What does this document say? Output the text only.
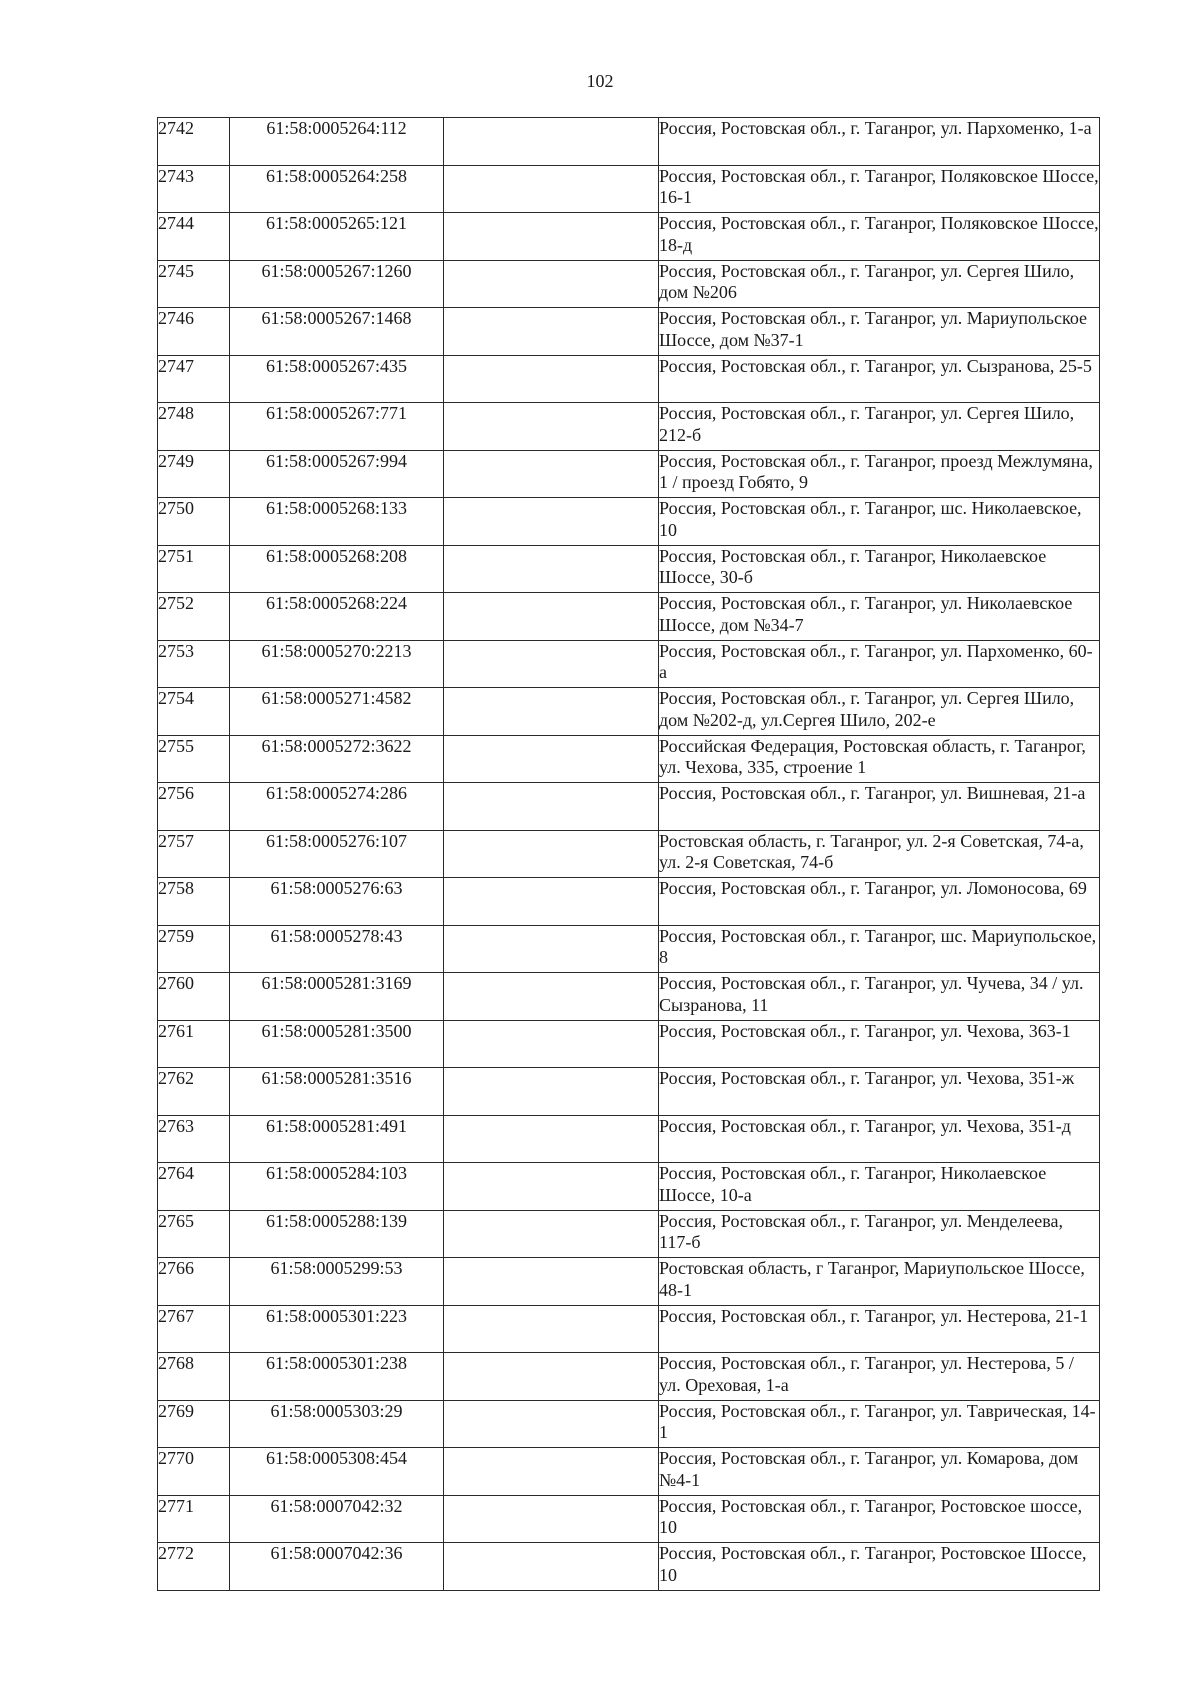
102
2742	61:58:0005264:112		Россия, Ростовская обл., г. Таганрог, ул. Пархоменко, 1-а
2743	61:58:0005264:258		Россия, Ростовская обл., г. Таганрог, Поляковское Шоссе, 16-1
2744	61:58:0005265:121		Россия, Ростовская обл., г. Таганрог, Поляковское Шоссе, 18-д
2745	61:58:0005267:1260		Россия, Ростовская обл., г. Таганрог, ул. Сергея Шило, дом №206
2746	61:58:0005267:1468		Россия, Ростовская обл., г. Таганрог, ул. Мариупольское Шоссе, дом №37-1
2747	61:58:0005267:435		Россия, Ростовская обл., г. Таганрог, ул. Сызранова, 25-5
2748	61:58:0005267:771		Россия, Ростовская обл., г. Таганрог, ул. Сергея Шило, 212-б
2749	61:58:0005267:994		Россия, Ростовская обл., г. Таганрог, проезд Межлумяна, 1 / проезд Гобято, 9
2750	61:58:0005268:133		Россия, Ростовская обл., г. Таганрог, шс. Николаевское, 10
2751	61:58:0005268:208		Россия, Ростовская обл., г. Таганрог, Николаевское Шоссе, 30-б
2752	61:58:0005268:224		Россия, Ростовская обл., г. Таганрог, ул. Николаевское Шоссе, дом №34-7
2753	61:58:0005270:2213		Россия, Ростовская обл., г. Таганрог, ул. Пархоменко, 60-а
2754	61:58:0005271:4582		Россия, Ростовская обл., г. Таганрог, ул. Сергея Шило, дом №202-д, ул.Сергея Шило, 202-е
2755	61:58:0005272:3622		Российская Федерация, Ростовская область, г. Таганрог, ул. Чехова, 335, строение 1
2756	61:58:0005274:286		Россия, Ростовская обл., г. Таганрог, ул. Вишневая, 21-а
2757	61:58:0005276:107		Ростовская область, г. Таганрог, ул. 2-я Советская, 74-а, ул. 2-я Советская, 74-б
2758	61:58:0005276:63		Россия, Ростовская обл., г. Таганрог, ул. Ломоносова, 69
2759	61:58:0005278:43		Россия, Ростовская обл., г. Таганрог, шс. Мариупольское, 8
2760	61:58:0005281:3169		Россия, Ростовская обл., г. Таганрог, ул. Чучева, 34 / ул. Сызранова, 11
2761	61:58:0005281:3500		Россия, Ростовская обл., г. Таганрог, ул. Чехова, 363-1
2762	61:58:0005281:3516		Россия, Ростовская обл., г. Таганрог, ул. Чехова, 351-ж
2763	61:58:0005281:491		Россия, Ростовская обл., г. Таганрог, ул. Чехова, 351-д
2764	61:58:0005284:103		Россия, Ростовская обл., г. Таганрог, Николаевское Шоссе, 10-а
2765	61:58:0005288:139		Россия, Ростовская обл., г. Таганрог, ул. Менделеева, 117-б
2766	61:58:0005299:53		Ростовская область, г Таганрог, Мариупольское Шоссе, 48-1
2767	61:58:0005301:223		Россия, Ростовская обл., г. Таганрог, ул. Нестерова, 21-1
2768	61:58:0005301:238		Россия, Ростовская обл., г. Таганрог, ул. Нестерова, 5 / ул. Ореховая, 1-а
2769	61:58:0005303:29		Россия, Ростовская обл., г. Таганрог, ул. Таврическая, 14-1
2770	61:58:0005308:454		Россия, Ростовская обл., г. Таганрог, ул. Комарова, дом №4-1
2771	61:58:0007042:32		Россия, Ростовская обл., г. Таганрог, Ростовское шоссе, 10
2772	61:58:0007042:36		Россия, Ростовская обл., г. Таганрог, Ростовское Шоссе, 10
